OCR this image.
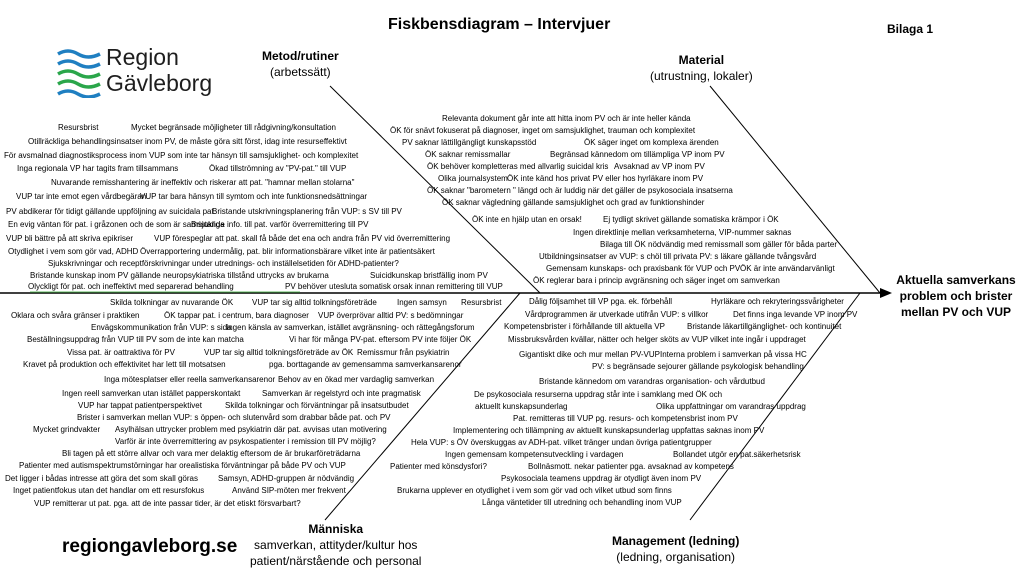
Fiskbensdiagram – Intervjuer	Bilaga 1
Region
Gävleborg
regiongavleborg.se
Metod/rutiner
(arbetssätt)
Material
(utrustning, lokaler)
Människa
samverkan, attityder/kultur hos
patient/närstående och personal
Management (ledning)
(ledning, organisation)
Aktuella samverkans problem och brister mellan PV och VUP
Resursbrist	Mycket begränsade möjligheter till rådgivning/konsultation
Otillräckliga behandlingsinsatser inom PV, de måste göra sitt först, idag inte resurseffektivt
För avsmalnad diagnostiksprocess inom VUP som inte tar hänsyn till samsjuklighet- och komplexitet
Inga regionala VP har tagits fram tillsammans	Ökad tillströmning av "PV-pat." till VUP
Nuvarande remisshantering är ineffektiv och riskerar att pat. "hamnar mellan stolarna"
VUP tar inte emot egen vårdbegäran
VUP tar bara hänsyn till symtom och inte funktionsnedsättningar
PV abdikerar för tidigt gällande uppföljning av suicidala pat.
Bristande utskrivningsplanering från VUP: s SV till PV
En evig väntan för pat. i gråzonen och de som är samsjukliga
Bristande info. till pat. varför överremittering till PV
VUP bli bättre på att skriva epikriser	VUP förespeglar att pat. skall få både det ena och andra från PV vid överremittering
Otydlighet i vem som gör vad, ADHD Överrapportering undermålig, pat. blir informationsbärare vilket inte är patientsäkert
Sjukskrivningar och receptförskrivningar under utrednings- och inställelsetiden för ADHD-patienter?
Bristande kunskap inom PV gällande neuropsykiatriska tillstånd uttrycks av brukarna	Suicidkunskap bristfällig inom PV
Olyckligt för pat. och ineffektivt med separerad behandling	PV behöver utesluta somatisk orsak innan remittering till VUP
Relevanta dokument går inte att hitta inom PV och är inte heller kända
ÖK för snävt fokuserat på diagnoser, inget om samsjuklighet, trauman och komplexitet
PV saknar lättillgängligt kunskapsstöd	ÖK säger inget om komplexa ärenden
ÖK saknar remissmallar	Begränsad kännedom om tillämpliga VP inom PV
ÖK behöver kompletteras med allvarlig suicidal kris Avsaknad av VP inom PV
Olika journalsystem ÖK inte känd hos privat PV eller hos hyrläkare inom PV
ÖK saknar "barometern " längd och är luddig när det gäller de psykosociala insatserna
ÖK saknar vägledning gällande samsjuklighet och grad av funktionshinder
ÖK inte en hjälp utan en orsak!	Ej tydligt skrivet gällande somatiska krämpor i ÖK
Ingen direktlinje mellan verksamheterna, VIP-nummer saknas
Bilaga till ÖK nödvändig med remissmall som gäller för båda parter
Utbildningsinsatser av VUP: s chöl till privata PV: s läkare gällande tvångsvård
Gemensam kunskaps- och praxisbank för VUP och PV ÖK är inte användarvänligt
ÖK reglerar bara i princip avgränsning och säger inget om samverkan
Skilda tolkningar av nuvarande ÖK VUP tar sig alltid tolkningsföreträde	Ingen samsyn Resursbrist
Oklara och svåra gränser i praktiken	ÖK tappar pat. i centrum, bara diagnoser VUP överprövar alltid PV: s bedömningar
Envägskommunikation från VUP: s sida
Ingen känsla av samverkan, istället avgränsning- och rättegångsforum
Beställningsuppdrag från VUP till PV som de inte kan matcha	Vi har för många PV-pat. eftersom PV inte följer ÖK
Vissa pat. är oattraktiva för PV	VUP tar sig alltid tolkningsföreträde av ÖK Remissmur från psykiatrin
Kravet på produktion och effektivitet har lett till motsatsen	pga. borttagande av gemensamma samverkansarenor
Inga mötesplatser eller reella samverkansarenor Behov av en ökad mer vardaglig samverkan
Ingen reell samverkan utan istället papperskontakt	Samverkan är regelstyrd och inte pragmatisk
VUP har tappat patientperspektivet	Skilda tolkningar och förväntningar på insatsutbudet
Brister i samverkan mellan VUP: s öppen- och slutenvård som drabbar både pat. och PV
Mycket grindvakter Asylhälsan uttrycker problem med psykiatrin där pat. avvisas utan motivering
Varför är inte överremittering av psykospatienter i remission till PV möjlig?
Bli tagen på ett större allvar och vara mer delaktig eftersom de är brukarföreträdarna
Patienter med autismspektrumstörningar har orealistiska förväntningar på både PV och VUP
Det ligger i bådas intresse att göra det som skall göras	Samsyn, ADHD-gruppen är nödvändig
Inget patientfokus utan det handlar om ett resursfokus	Använd SIP-möten mer frekvent
VUP remitterar ut pat. pga. att de inte passar tider, är det etiskt försvarbart?
Dålig följsamhet till VP pga. ek. förbehåll	Hyrläkare och rekryteringssvårigheter
Vårdprogrammen är utverkade utifrån VUP: s villkor	Det finns inga levande VP inom PV
Kompetensbrister i förhållande till aktuella VP	Bristande läkartillgänglighet- och kontinuitet
Missbruksvården kvällar, nätter och helger sköts av VUP vilket inte ingår i uppdraget
Gigantiskt dike och mur mellan PV-VUP Interna problem i samverkan på vissa HC
PV: s begränsade sejourer gällande psykologisk behandling
Bristande kännedom om varandras organisation- och vårdutbud
De psykosociala resurserna uppdrag står inte i samklang med ÖK och
aktuellt kunskapsunderlag	Olika uppfattningar om varandras uppdrag
Pat. remitteras till VUP pg. resurs- och kompetensbrist inom PV
Implementering och tillämpning av aktuellt kunskapsunderlag uppfattas saknas inom PV
Hela VUP: s ÖV överskuggas av ADH-pat. vilket tränger undan övriga patientgrupper
Ingen gemensam kompetensutveckling i vardagen	Bollandet utgör en pat.säkerhetsrisk
Patienter med könsdysfori?	Bollnäsmott. nekar patienter pga. avsaknad av kompetens
Psykosociala teamens uppdrag är otydligt även inom PV
Brukarna upplever en otydlighet i vem som gör vad och vilket utbud som finns
Långa väntetider till utredning och behandling inom VUP
